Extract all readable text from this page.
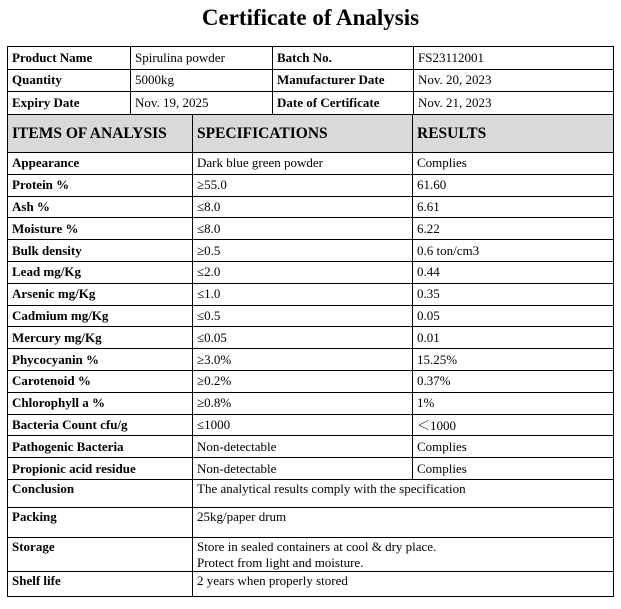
Certificate of Analysis
Product Name	Spirulina powder	Batch No.	FS23112001
Quantity	5000kg	Manufacturer Date	Nov. 20, 2023
Expiry Date	Nov. 19, 2025	Date of Certificate	Nov. 21, 2023
ITEMS OF ANALYSIS	SPECIFICATIONS	RESULTS
Appearance	Dark blue green powder	Complies
Protein %	≥55.0	61.60
Ash %	≤8.0	6.61
Moisture %	≤8.0	6.22
Bulk density	≥0.5	0.6 ton/cm3
Lead mg/Kg	≤2.0	0.44
Arsenic mg/Kg	≤1.0	0.35
Cadmium mg/Kg	≤0.5	0.05
Mercury mg/Kg	≤0.05	0.01
Phycocyanin %	≥3.0%	15.25%
Carotenoid %	≥0.2%	0.37%
Chlorophyll a %	≥0.8%	1%
Bacteria Count cfu/g	≤1000	＜1000
Pathogenic Bacteria	Non-detectable	Complies
Propionic acid residue	Non-detectable	Complies
Conclusion	The analytical results comply with the specification	
Packing	25kg/paper drum	
Storage	Store in sealed containers at cool & dry place.
Protect from light and moisture.	

Shelf life	2 years when properly stored	
